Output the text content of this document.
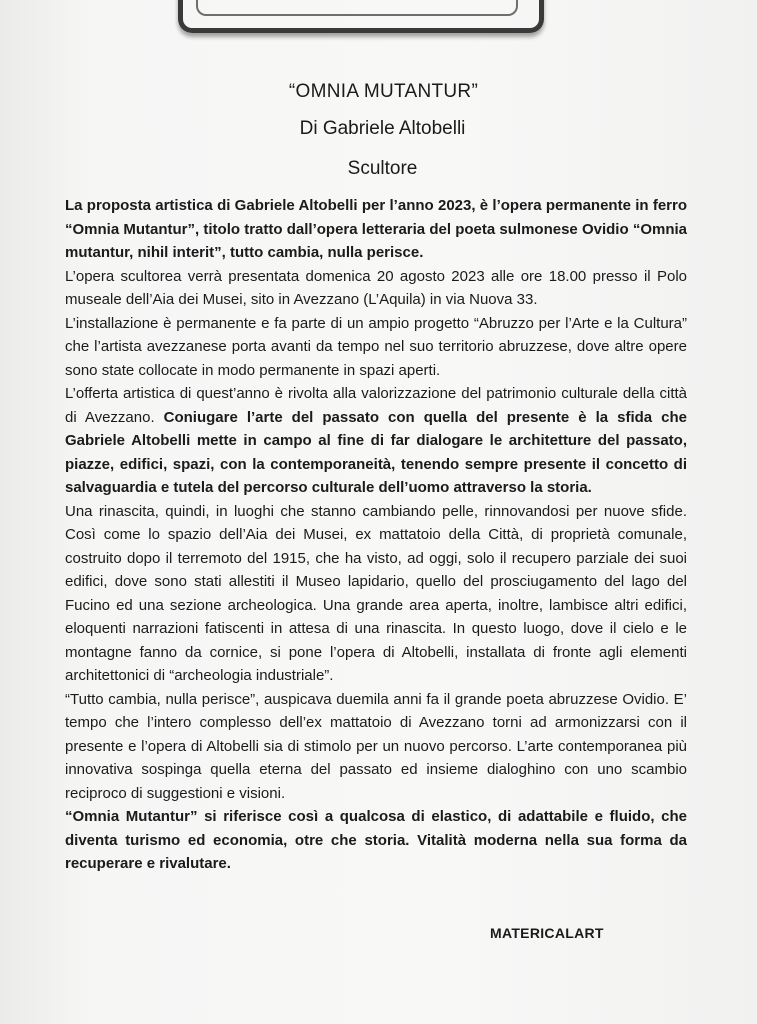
“OMNIA MUTANTUR”
Di Gabriele Altobelli
Scultore

La proposta artistica di Gabriele Altobelli per l’anno 2023, è l’opera permanente in ferro “Omnia Mutantur”, titolo tratto dall’opera letteraria del poeta sulmonese Ovidio “Omnia mutantur, nihil interit”, tutto cambia, nulla perisce.

L’opera scultorea verrà presentata domenica 20 agosto 2023 alle ore 18.00 presso il Polo museale dell’Aia dei Musei, sito in Avezzano (L’Aquila) in via Nuova 33.

L’installazione è permanente e fa parte di un ampio progetto “Abruzzo per l’Arte e la Cultura” che l’artista avezzanese porta avanti da tempo nel suo territorio abruzzese, dove altre opere sono state collocate in modo permanente in spazi aperti.

L’offerta artistica di quest’anno è rivolta alla valorizzazione del patrimonio culturale della città di Avezzano. Coniugare l’arte del passato con quella del presente è la sfida che Gabriele Altobelli mette in campo al fine di far dialogare le architetture del passato, piazze, edifici, spazi, con la contemporaneità, tenendo sempre presente il concetto di salvaguardia e tutela del percorso culturale dell’uomo attraverso la storia.

Una rinascita, quindi, in luoghi che stanno cambiando pelle, rinnovandosi per nuove sfide. Così come lo spazio dell’Aia dei Musei, ex mattatoio della Città, di proprietà comunale, costruito dopo il terremoto del 1915, che ha visto, ad oggi, solo il recupero parziale dei suoi edifici, dove sono stati allestiti il Museo lapidario, quello del prosciugamento del lago del Fucino ed una sezione archeologica. Una grande area aperta, inoltre, lambisce altri edifici, eloquenti narrazioni fatiscenti in attesa di una rinascita. In questo luogo, dove il cielo e le montagne fanno da cornice, si pone l’opera di Altobelli, installata di fronte agli elementi architettonici di “archeologia industriale”.

“Tutto cambia, nulla perisce”, auspicava duemila anni fa il grande poeta abruzzese Ovidio. E’ tempo che l’intero complesso dell’ex mattatoio di Avezzano torni ad armonizzarsi con il presente e l’opera di Altobelli sia di stimolo per un nuovo percorso. L’arte contemporanea più innovativa sospinga quella eterna del passato ed insieme dialoghino con uno scambio reciproco di suggestioni e visioni.

“Omnia Mutantur” si riferisce così a qualcosa di elastico, di adattabile e fluido, che diventa turismo ed economia, otre che storia. Vitalità moderna nella sua forma da recuperare e rivalutare.

MATERICALART
